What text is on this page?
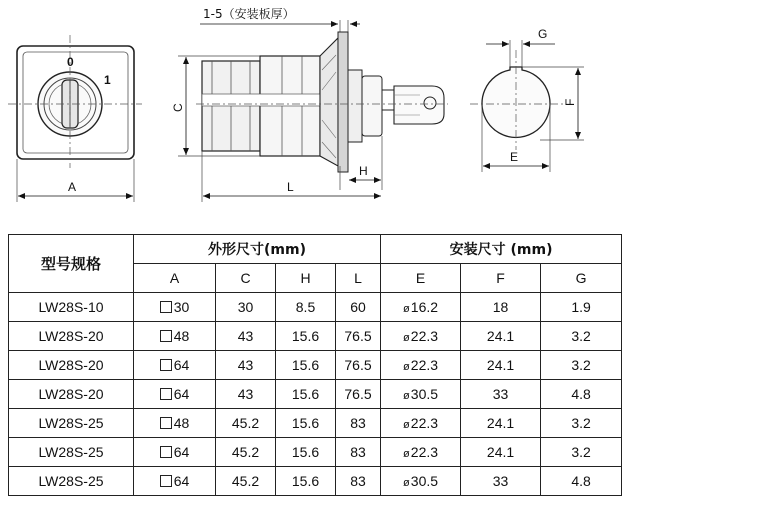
0
1
A
1-5（安装板厚）
C
H
L
G
F
E
型号规格	外形尺寸(mm)				安装尺寸 (mm)		
	A	C	H	L	E	F	G
LW28S-10	30	30	8.5	60	ø16.2	18	1.9
LW28S-20	48	43	15.6	76.5	ø22.3	24.1	3.2
LW28S-20	64	43	15.6	76.5	ø22.3	24.1	3.2
LW28S-20	64	43	15.6	76.5	ø30.5	33	4.8
LW28S-25	48	45.2	15.6	83	ø22.3	24.1	3.2
LW28S-25	64	45.2	15.6	83	ø22.3	24.1	3.2
LW28S-25	64	45.2	15.6	83	ø30.5	33	4.8
